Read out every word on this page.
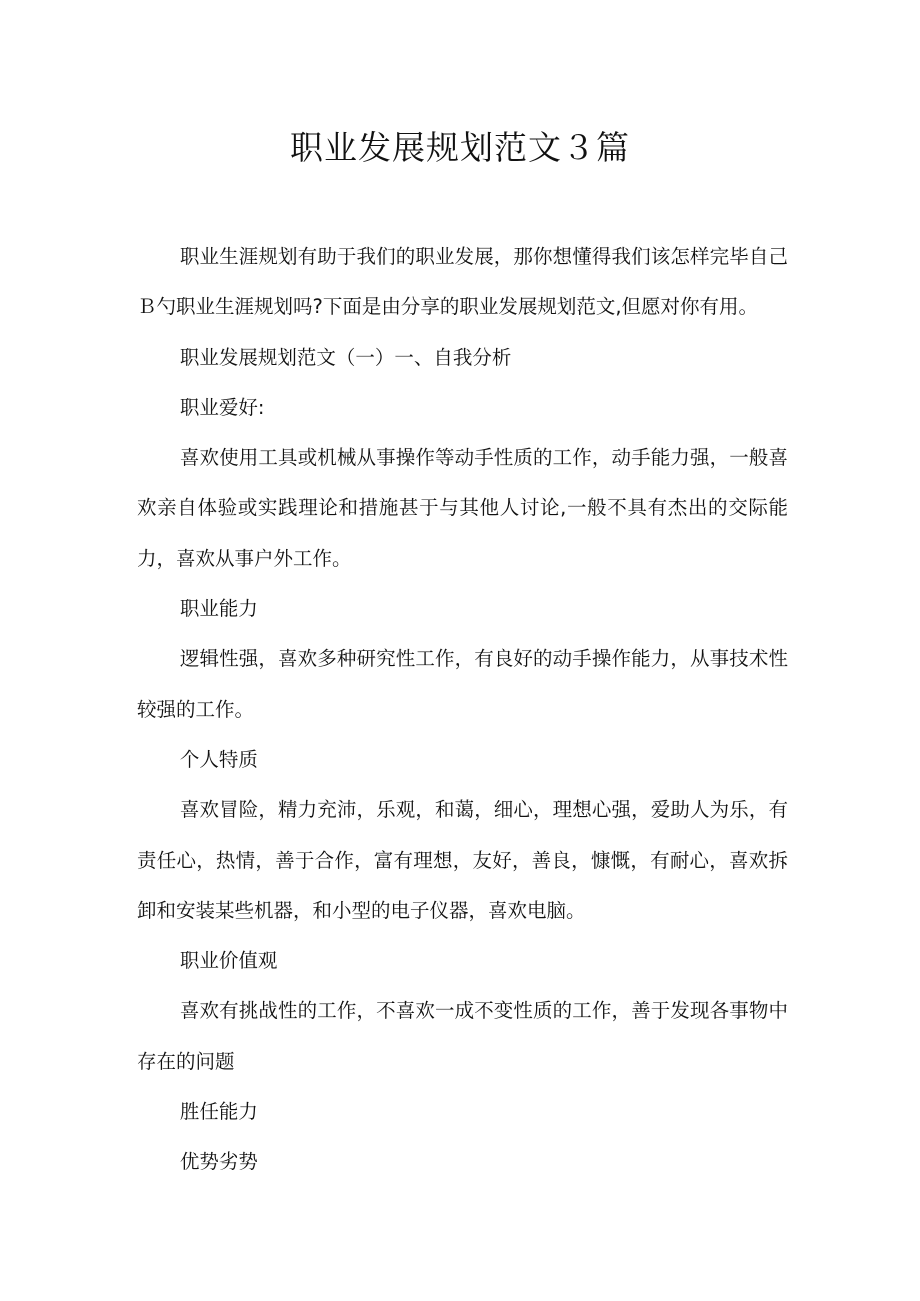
职业发展规划范文３篇

职业生涯规划有助于我们的职业发展，那你想懂得我们该怎样完毕自己Ｂ勺职业生涯规划吗?下面是由分享的职业发展规划范文,但愿对你有用。

职业发展规划范文（一）一、自我分析

职业爱好:

喜欢使用工具或机械从事操作等动手性质的工作，动手能力强，一般喜欢亲自体验或实践理论和措施甚于与其他人讨论,一般不具有杰出的交际能力，喜欢从事户外工作。

职业能力

逻辑性强，喜欢多种研究性工作，有良好的动手操作能力，从事技术性较强的工作。

个人特质

喜欢冒险，精力充沛，乐观，和蔼，细心，理想心强，爱助人为乐，有责任心，热情，善于合作，富有理想，友好，善良，慷慨，有耐心，喜欢拆卸和安装某些机器，和小型的电子仪器，喜欢电脑。

职业价值观

喜欢有挑战性的工作，不喜欢一成不变性质的工作，善于发现各事物中存在的问题

胜任能力

优势劣势
